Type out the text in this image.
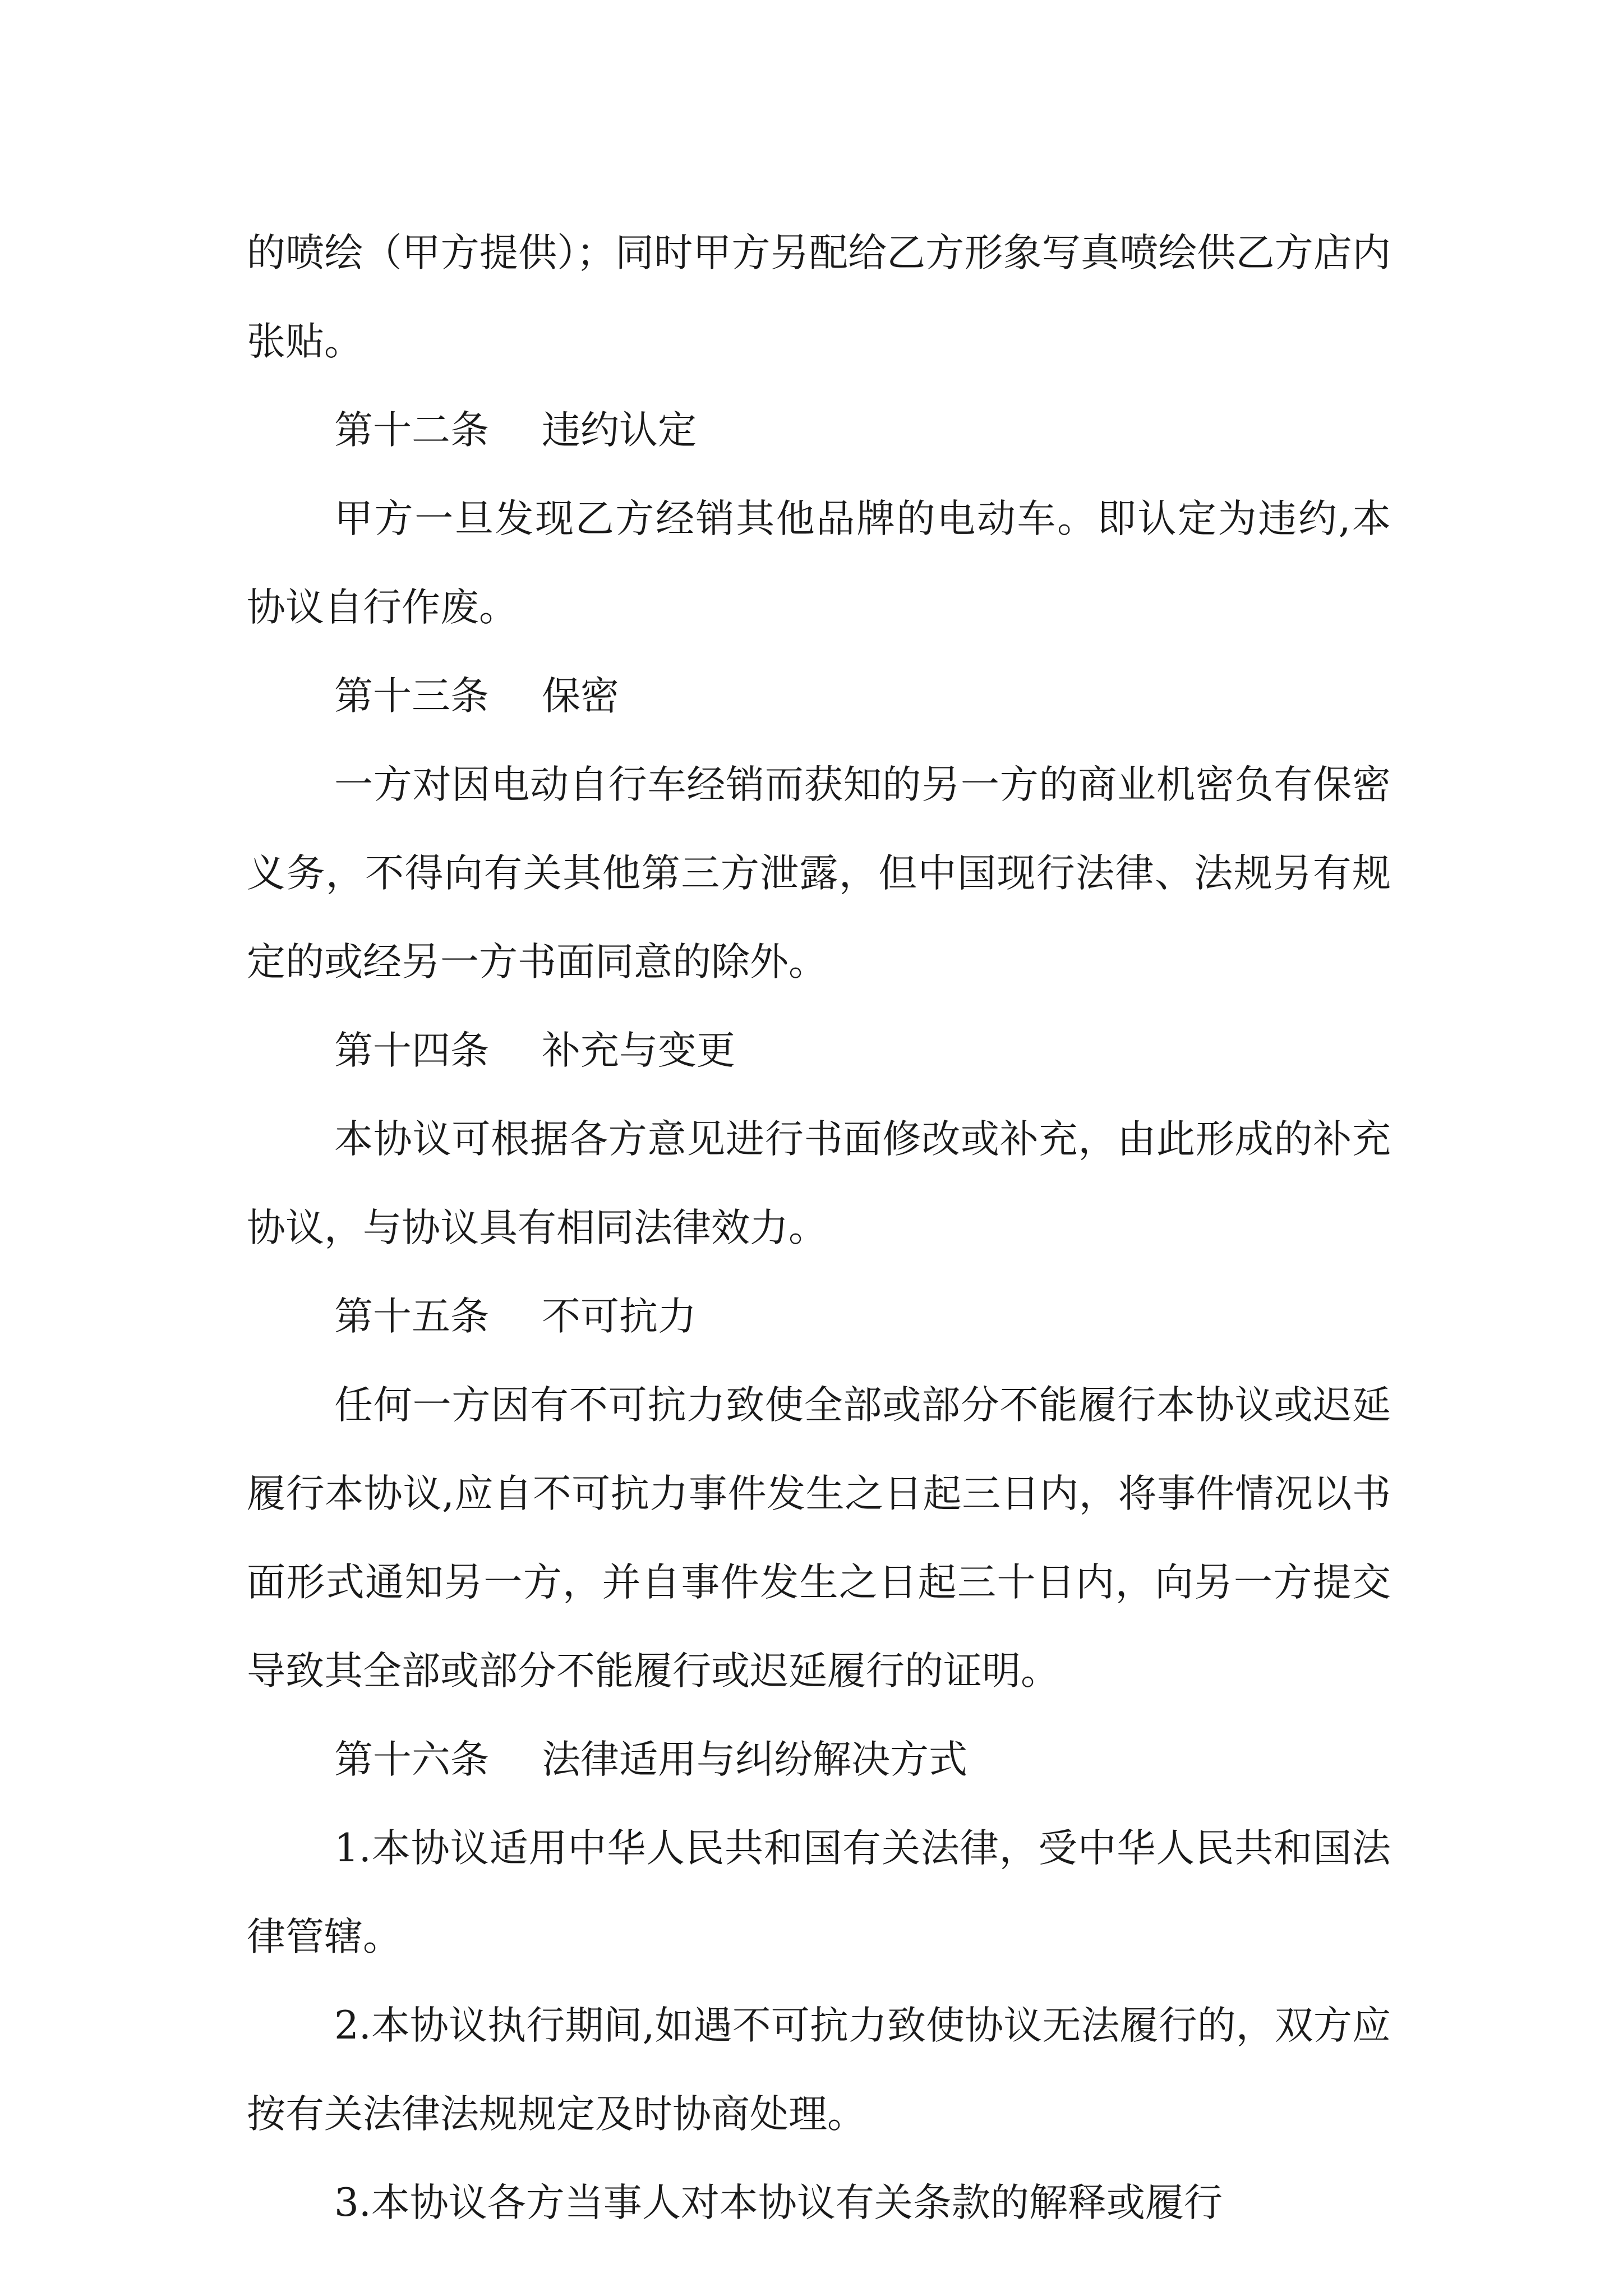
的喷绘（甲方提供）；同时甲方另配给乙方形象写真喷绘供乙方店内张贴。

第十二条 违约认定

甲方一旦发现乙方经销其他品牌的电动车。即认定为违约,本协议自行作废。

第十三条 保密

一方对因电动自行车经销而获知的另一方的商业机密负有保密义务，不得向有关其他第三方泄露，但中国现行法律、法规另有规定的或经另一方书面同意的除外。

第十四条 补充与变更

本协议可根据各方意见进行书面修改或补充，由此形成的补充协议，与协议具有相同法律效力。

第十五条 不可抗力

任何一方因有不可抗力致使全部或部分不能履行本协议或迟延履行本协议,应自不可抗力事件发生之日起三日内，将事件情况以书面形式通知另一方，并自事件发生之日起三十日内，向另一方提交导致其全部或部分不能履行或迟延履行的证明。

第十六条 法律适用与纠纷解决方式

1.本协议适用中华人民共和国有关法律，受中华人民共和国法律管辖。

2.本协议执行期间,如遇不可抗力致使协议无法履行的，双方应按有关法律法规规定及时协商处理。

3.本协议各方当事人对本协议有关条款的解释或履行
